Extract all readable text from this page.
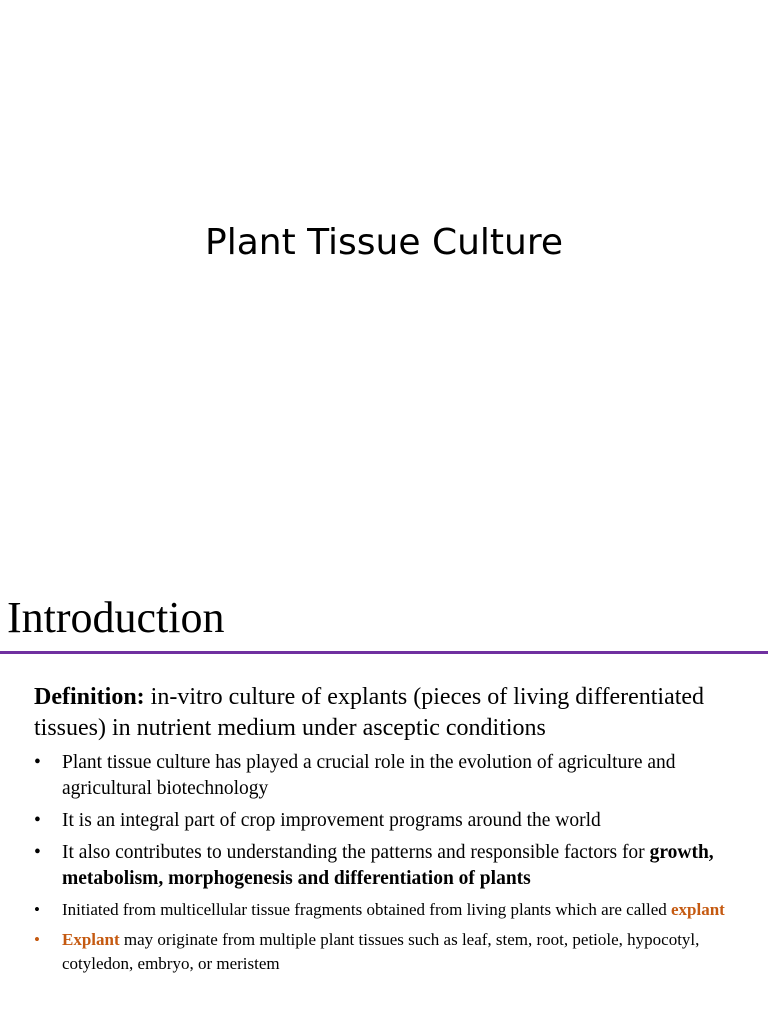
Plant Tissue Culture
Introduction

Definition: in-vitro culture of explants (pieces of living differentiated tissues) in nutrient medium under asceptic conditions

• Plant tissue culture has played a crucial role in the evolution of agriculture and agricultural biotechnology
• It is an integral part of crop improvement programs around the world
• It also contributes to understanding the patterns and responsible factors for growth, metabolism, morphogenesis and differentiation of plants
• Initiated from multicellular tissue fragments obtained from living plants which are called explant
• Explant may originate from multiple plant tissues such as leaf, stem, root, petiole, hypocotyl, cotyledon, embryo, or meristem
